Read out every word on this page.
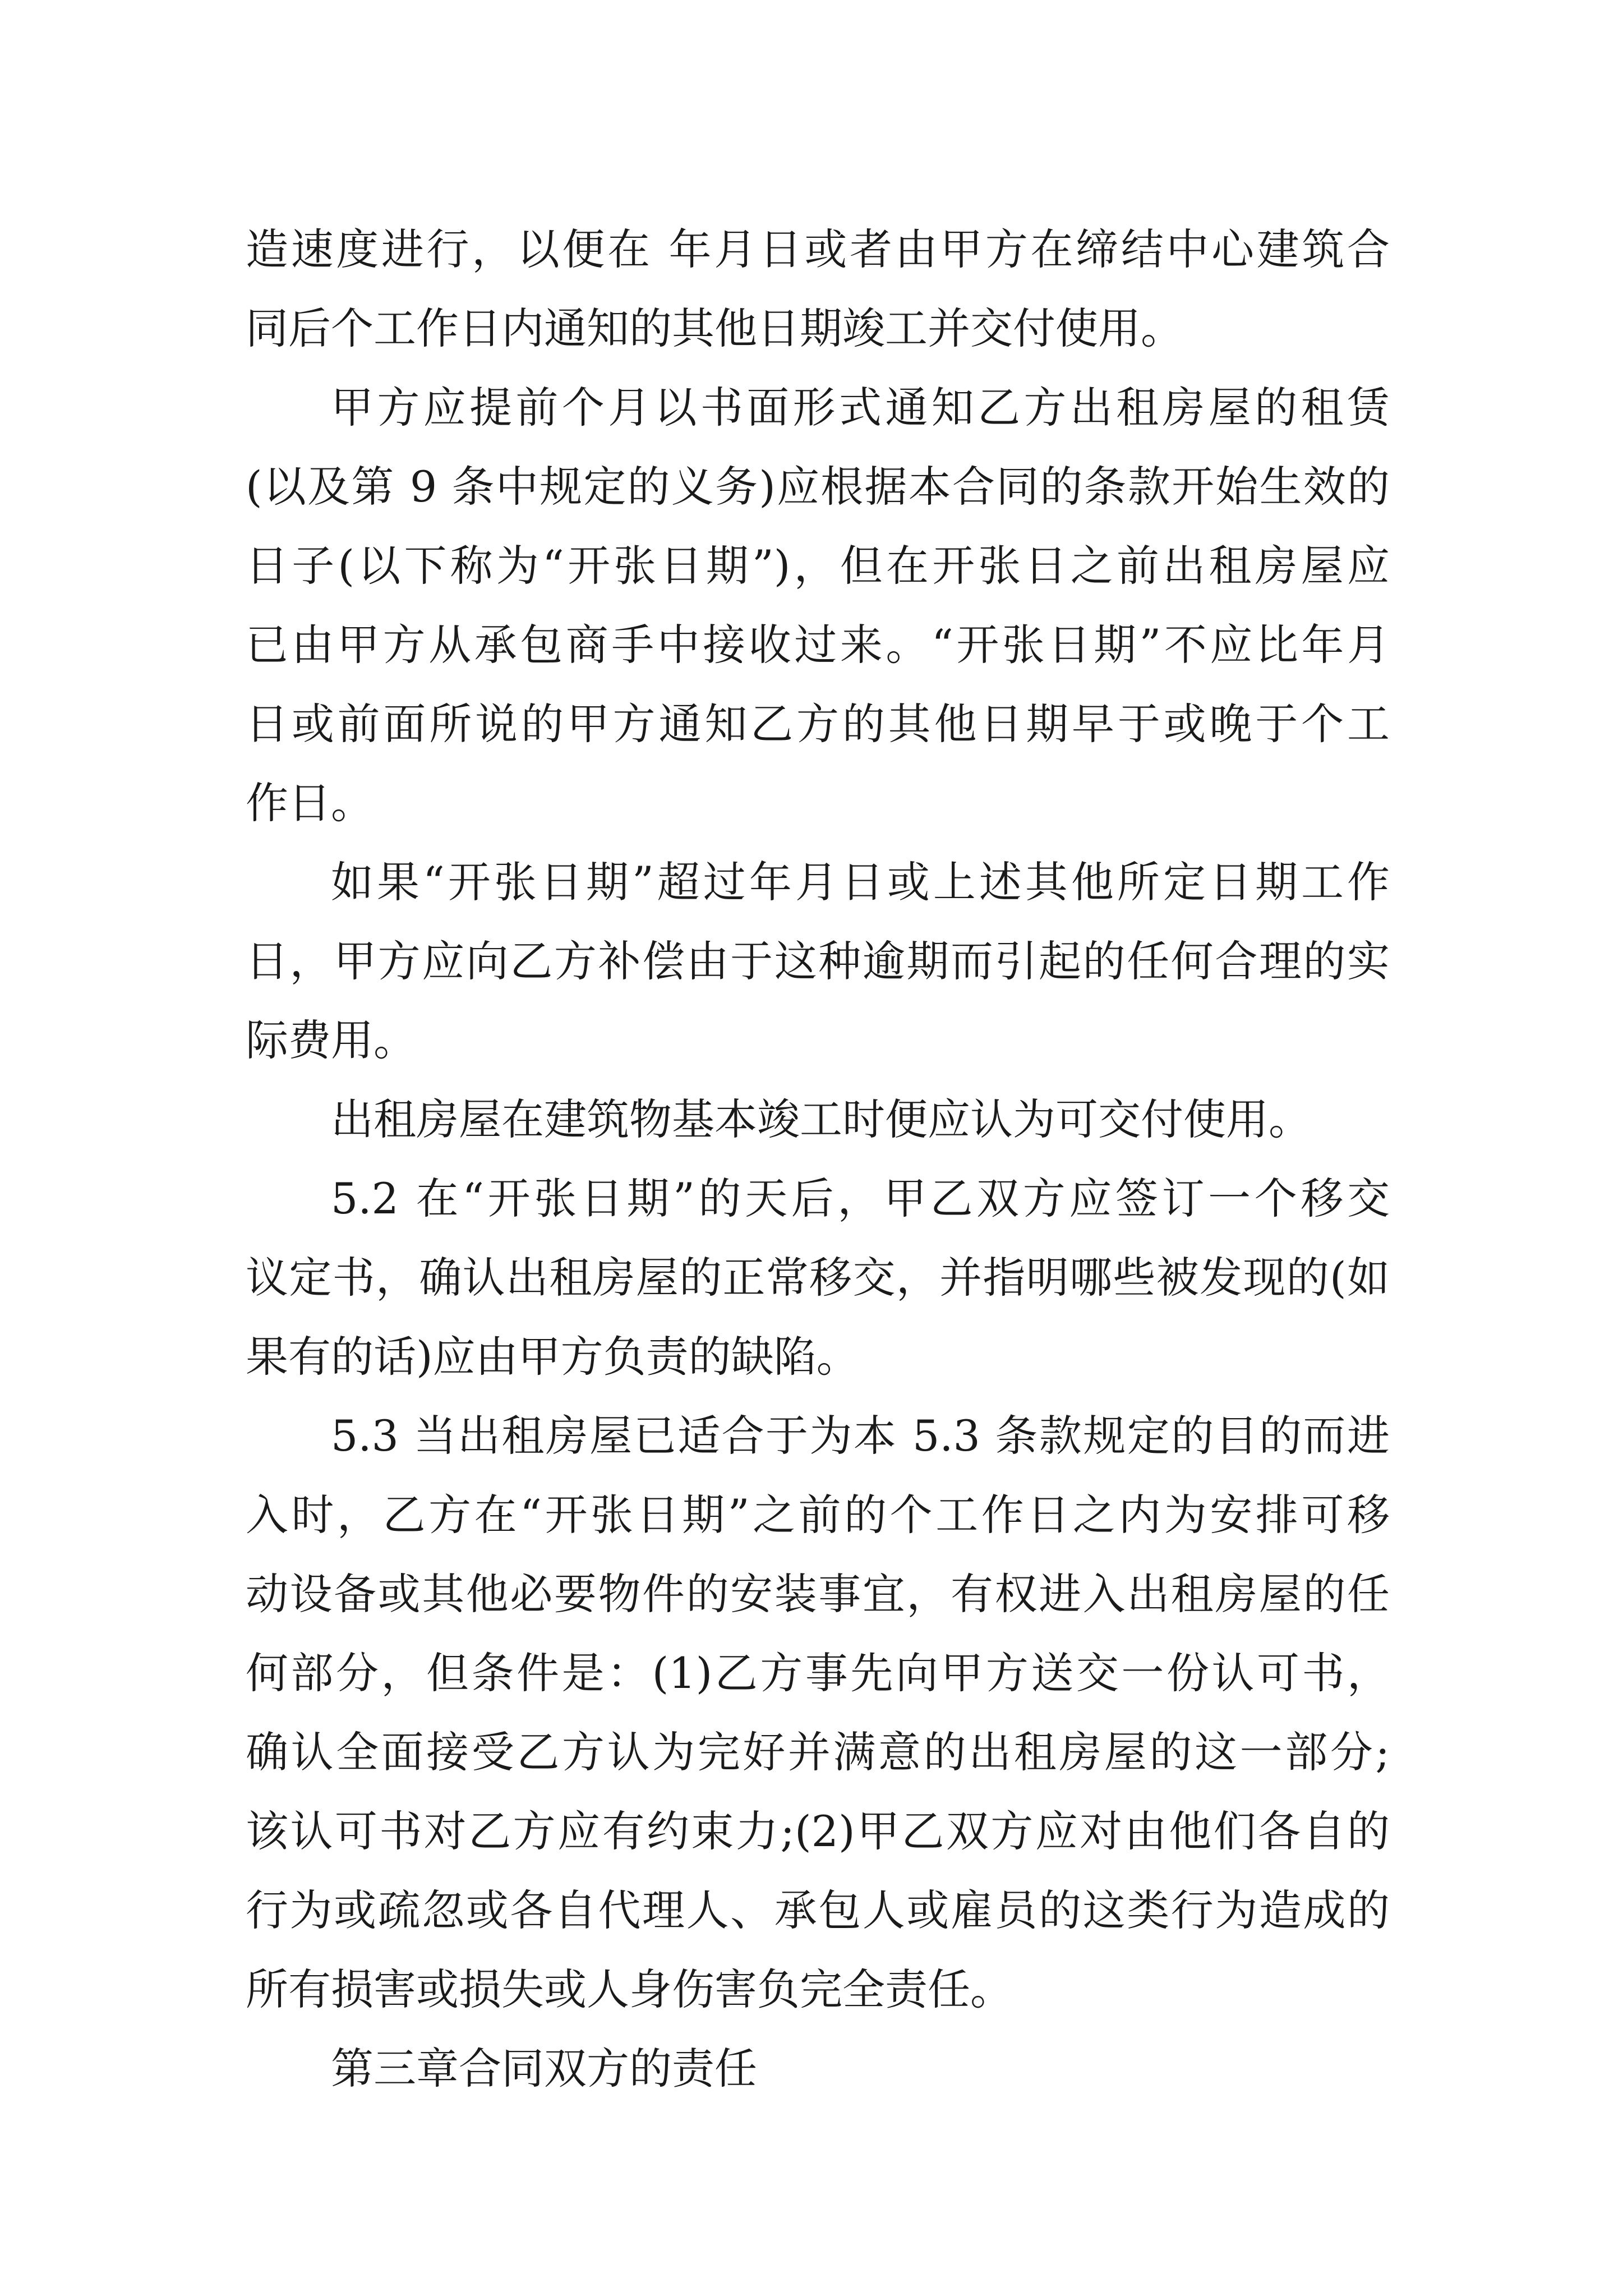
造速度进行，以便在 年月日或者由甲方在缔结中心建筑合
同后个工作日内通知的其他日期竣工并交付使用。
甲方应提前个月以书面形式通知乙方出租房屋的租赁
(以及第 9 条中规定的义务)应根据本合同的条款开始生效的
日子(以下称为“开张日期”)，但在开张日之前出租房屋应
已由甲方从承包商手中接收过来。“开张日期”不应比年月
日或前面所说的甲方通知乙方的其他日期早于或晚于个工
作日。
如果“开张日期”超过年月日或上述其他所定日期工作
日，甲方应向乙方补偿由于这种逾期而引起的任何合理的实
际费用。
出租房屋在建筑物基本竣工时便应认为可交付使用。
5.2 在“开张日期”的天后，甲乙双方应签订一个移交
议定书，确认出租房屋的正常移交，并指明哪些被发现的(如
果有的话)应由甲方负责的缺陷。
5.3 当出租房屋已适合于为本 5.3 条款规定的目的而进
入时，乙方在“开张日期”之前的个工作日之内为安排可移
动设备或其他必要物件的安装事宜，有权进入出租房屋的任
何部分，但条件是：(1)乙方事先向甲方送交一份认可书，
确认全面接受乙方认为完好并满意的出租房屋的这一部分;
该认可书对乙方应有约束力;(2)甲乙双方应对由他们各自的
行为或疏忽或各自代理人、承包人或雇员的这类行为造成的
所有损害或损失或人身伤害负完全责任。
第三章合同双方的责任
